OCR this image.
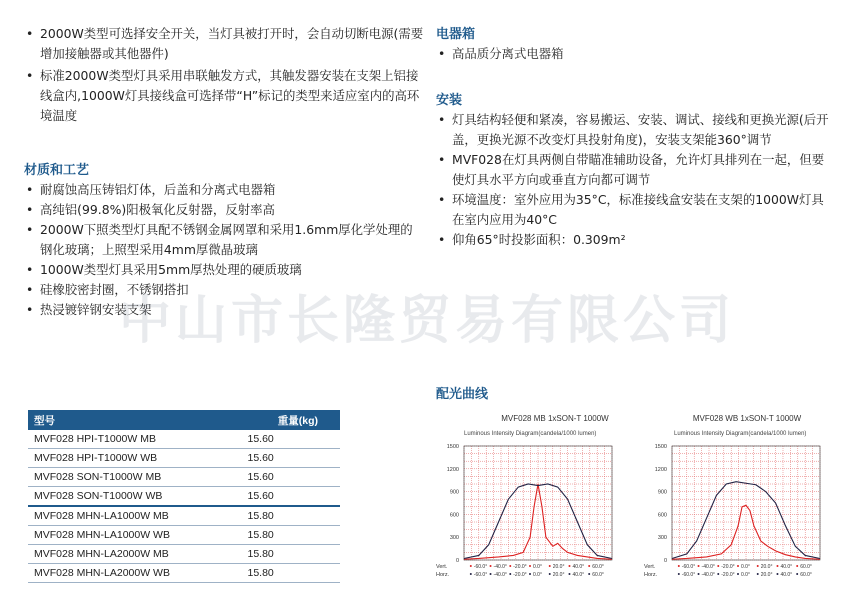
• 2000W类型可选择安全开关，当灯具被打开时，会自动切断电源(需要增加接触器或其他器件)
• 标准2000W类型灯具采用串联触发方式，其触发器安装在支架上铝接线盒内,1000W灯具接线盒可选择带“H”标记的类型来适应室内的高环境温度
材质和工艺
• 耐腐蚀高压铸铝灯体，后盖和分离式电器箱
• 高纯铝(99.8%)阳极氧化反射器，反射率高
• 2000W下照类型灯具配不锈钢金属网罩和采用1.6mm厚化学处理的钢化玻璃；上照型采用4mm厚微晶玻璃
• 1000W类型灯具采用5mm厚热处理的硬质玻璃
• 硅橡胶密封圈，不锈钢搭扣
• 热浸镀锌钢安装支架
电器箱
• 高品质分离式电器箱
安装
• 灯具结构轻便和紧凑，容易搬运、安装、调试、接线和更换光源(后开盖，更换光源不改变灯具投射角度)，安装支架能360°调节
• MVF028在灯具两侧自带瞄准辅助设备，允许灯具排列在一起，但要使灯具水平方向或垂直方向都可调节
• 环境温度：室外应用为35°C，标准接线盒安装在支架的1000W灯具在室内应用为40°C
• 仰角65°时投影面积：0.309m²
中山市长隆贸易有限公司
型号	重量(kg)
MVF028 HPI-T1000W MB	15.60
MVF028 HPI-T1000W WB	15.60
MVF028 SON-T1000W MB	15.60
MVF028 SON-T1000W WB	15.60
MVF028 MHN-LA1000W MB	15.80
MVF028 MHN-LA1000W WB	15.80
MVF028 MHN-LA2000W MB	15.80
MVF028 MHN-LA2000W WB	15.80
配光曲线
MVF028 MB 1xSON-T 1000W
Luminous Intensity Diagram(candela/1000 lumen)
0
300
600
900
1200
1500
Vert.	-60.0° -40.0° -20.0° 0.0° 20.0° 40.0° 60.0°
Horz.	-60.0° -40.0° -20.0° 0.0° 20.0° 40.0° 60.0°
MVF028 WB 1xSON-T 1000W
Luminous Intensity Diagram(candela/1000 lumen)
0
300
600
900
1200
1500
Vert.	-60.0° -40.0° -20.0° 0.0° 20.0° 40.0° 60.0°
Horz.	-60.0° -40.0° -20.0° 0.0° 20.0° 40.0° 60.0°
